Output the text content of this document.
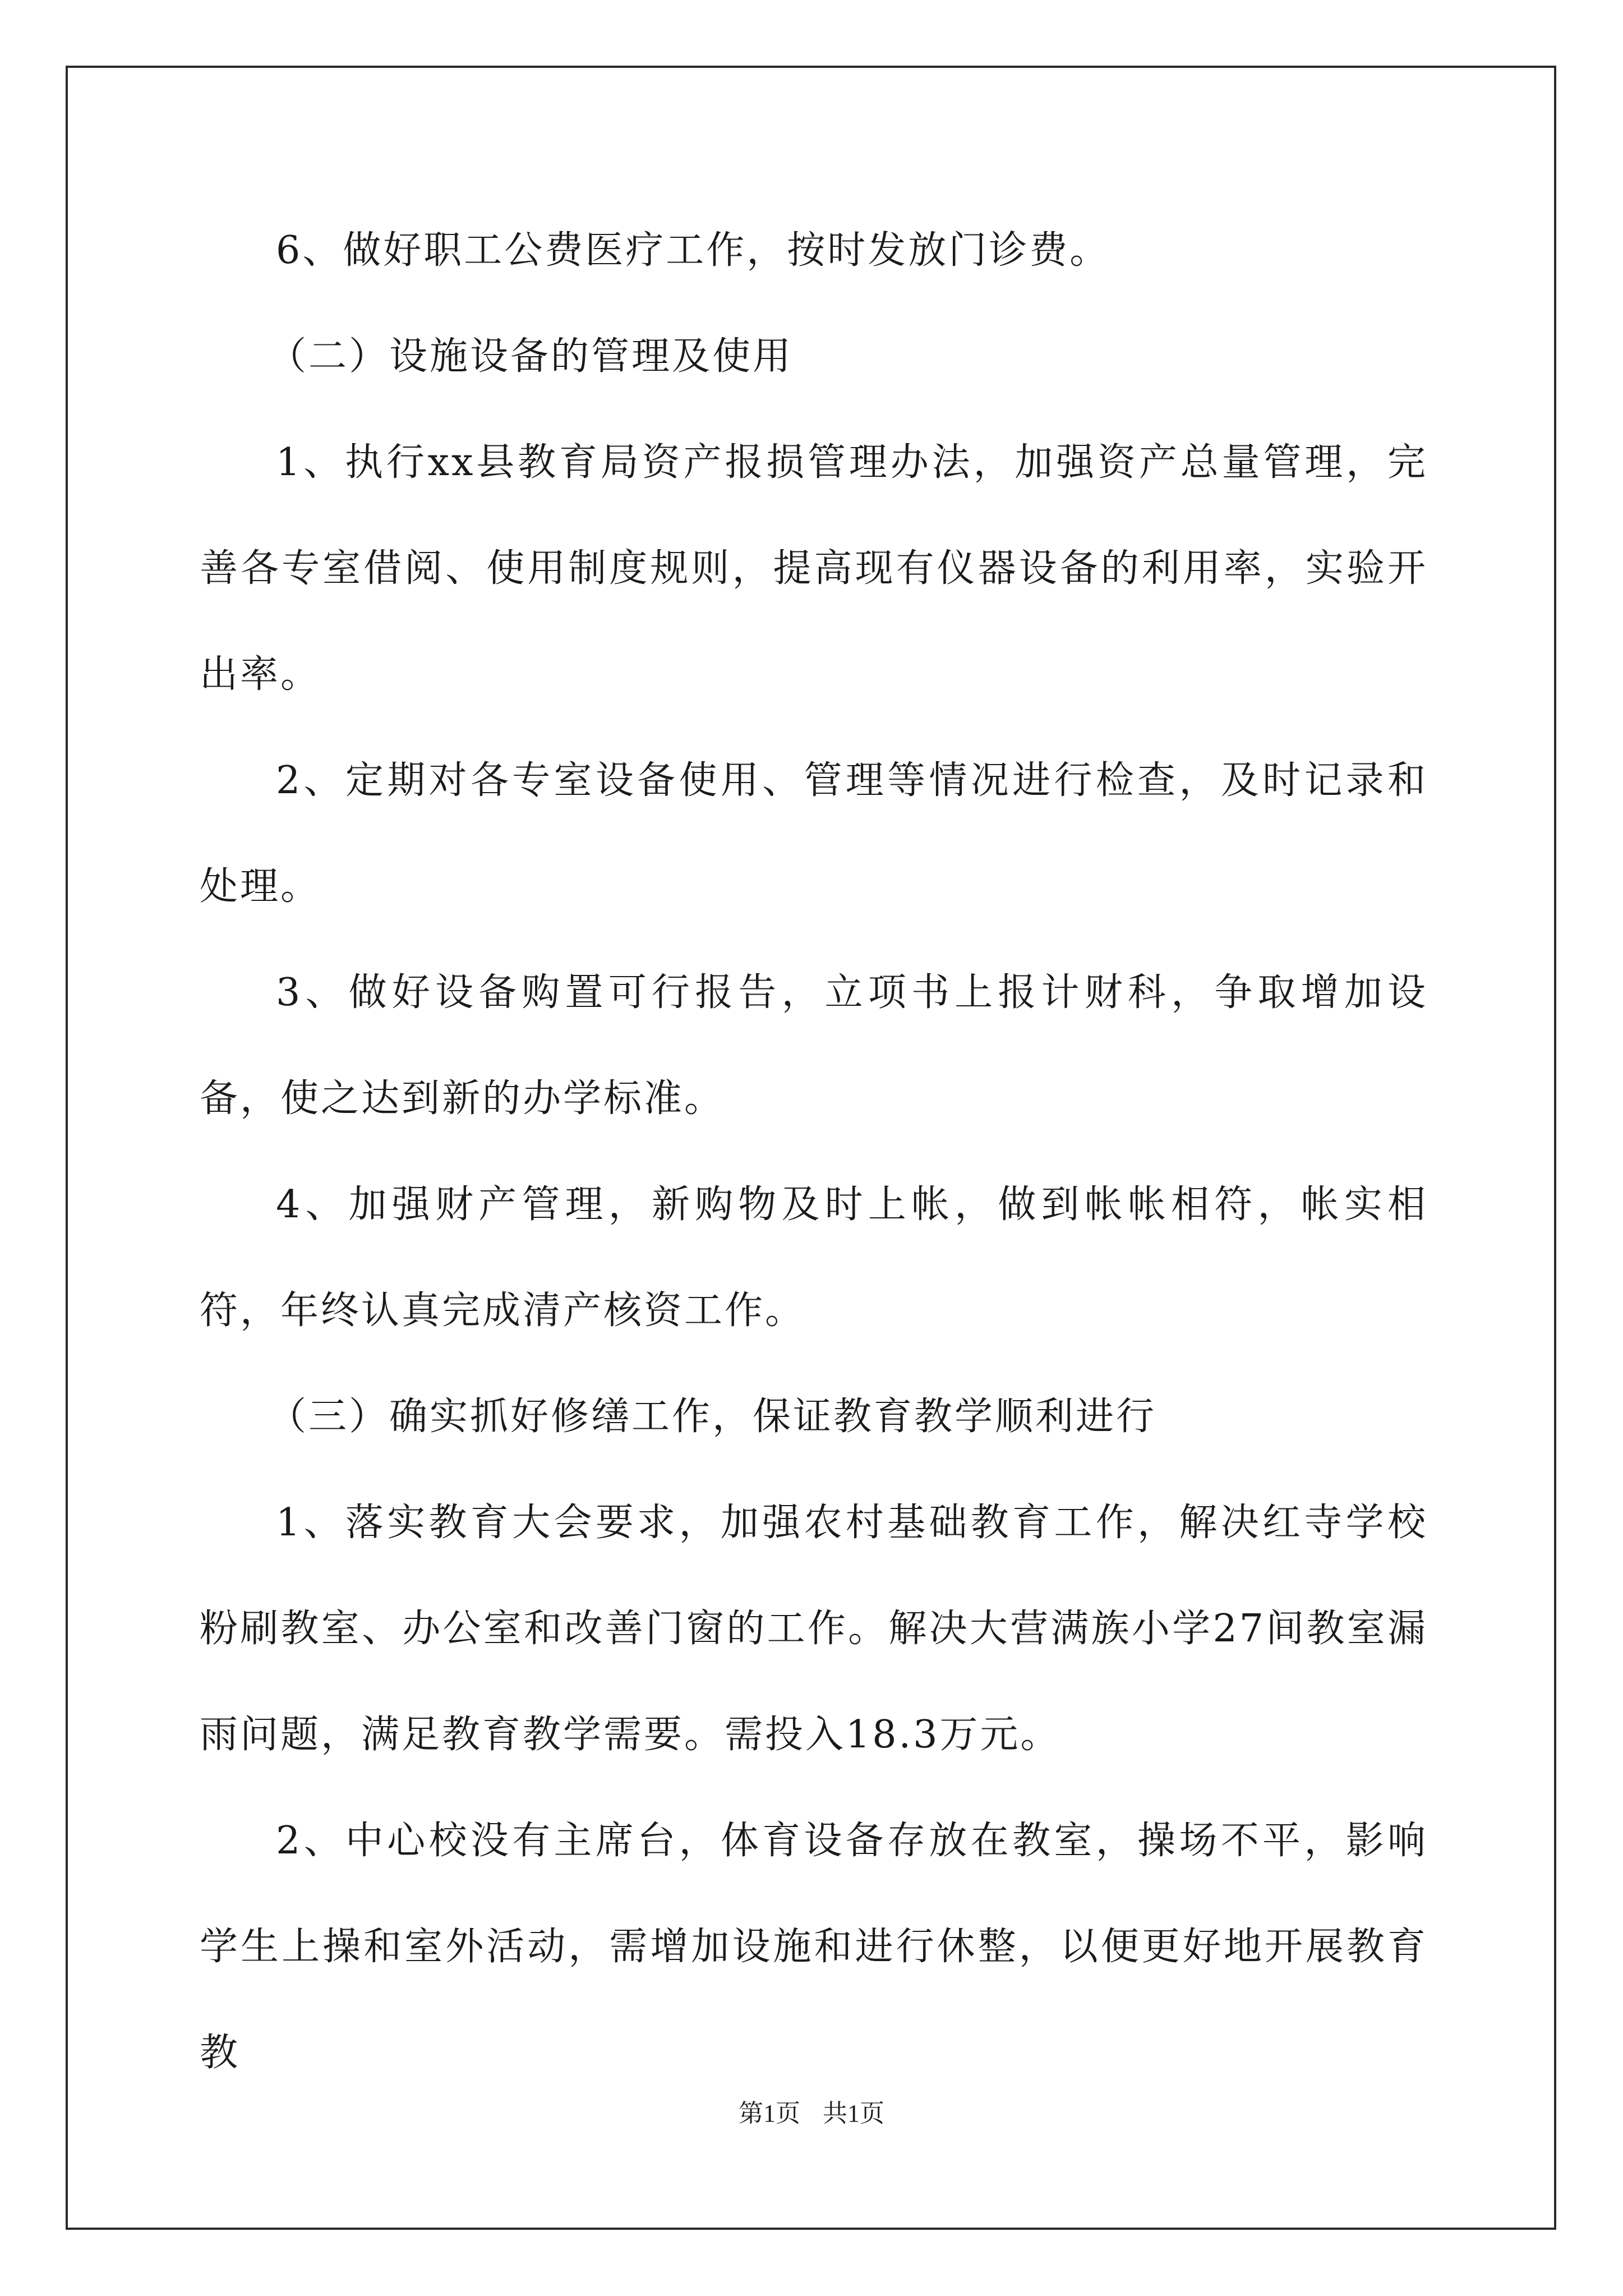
6、做好职工公费医疗工作，按时发放门诊费。

（二）设施设备的管理及使用

1、执行xx县教育局资产报损管理办法，加强资产总量管理，完善各专室借阅、使用制度规则，提高现有仪器设备的利用率，实验开出率。

2、定期对各专室设备使用、管理等情况进行检查，及时记录和处理。

3、做好设备购置可行报告，立项书上报计财科，争取增加设备，使之达到新的办学标准。

4、加强财产管理，新购物及时上帐，做到帐帐相符，帐实相符，年终认真完成清产核资工作。

（三）确实抓好修缮工作，保证教育教学顺利进行

1、落实教育大会要求，加强农村基础教育工作，解决红寺学校粉刷教室、办公室和改善门窗的工作。解决大营满族小学27间教室漏雨问题，满足教育教学需要。需投入18.3万元。

2、中心校没有主席台，体育设备存放在教室，操场不平，影响学生上操和室外活动，需增加设施和进行休整，以便更好地开展教育教

第1页 共1页
